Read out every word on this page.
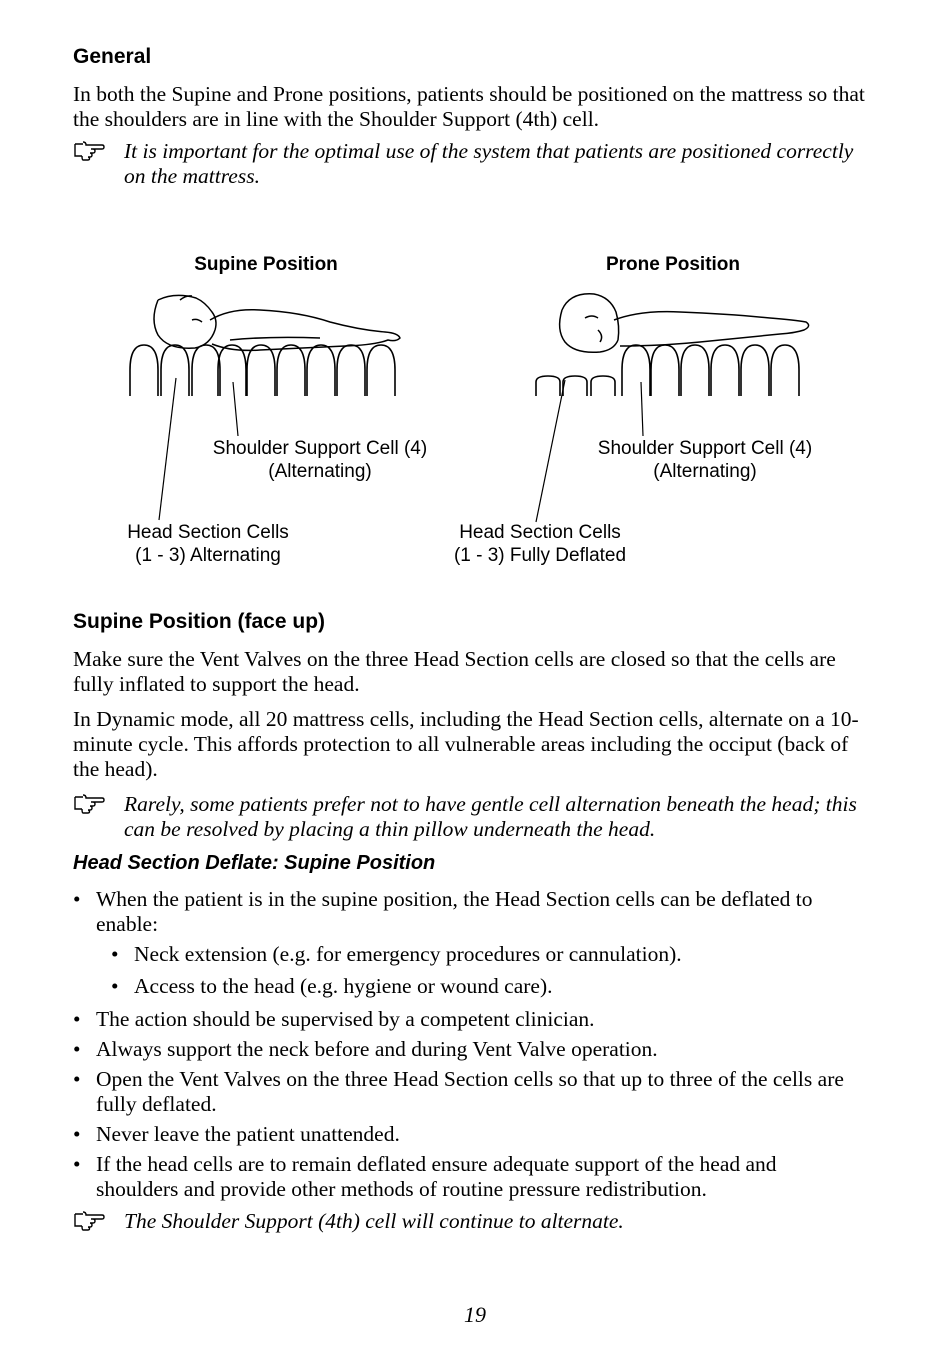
General
In both the Supine and Prone positions, patients should be positioned on the mattress so that the shoulders are in line with the Shoulder Support (4th) cell.
It is important for the optimal use of the system that patients are positioned correctly on the mattress.
Supine Position	Prone Position
Shoulder Support Cell (4)
(Alternating)
Head Section Cells
(1 - 3) Alternating
Shoulder Support Cell (4)
(Alternating)
Head Section Cells
(1 - 3) Fully Deflated
Supine Position (face up)
Make sure the Vent Valves on the three Head Section cells are closed so that the cells are fully inflated to support the head.
In Dynamic mode, all 20 mattress cells, including the Head Section cells, alternate on a 10-minute cycle. This affords protection to all vulnerable areas including the occiput (back of the head).
Rarely, some patients prefer not to have gentle cell alternation beneath the head; this can be resolved by placing a thin pillow underneath the head.
Head Section Deflate: Supine Position
• When the patient is in the supine position, the Head Section cells can be deflated to enable:
• Neck extension (e.g. for emergency procedures or cannulation).
• Access to the head (e.g. hygiene or wound care).
• The action should be supervised by a competent clinician.
• Always support the neck before and during Vent Valve operation.
• Open the Vent Valves on the three Head Section cells so that up to three of the cells are fully deflated.
• Never leave the patient unattended.
• If the head cells are to remain deflated ensure adequate support of the head and shoulders and provide other methods of routine pressure redistribution.
The Shoulder Support (4th) cell will continue to alternate.
19
